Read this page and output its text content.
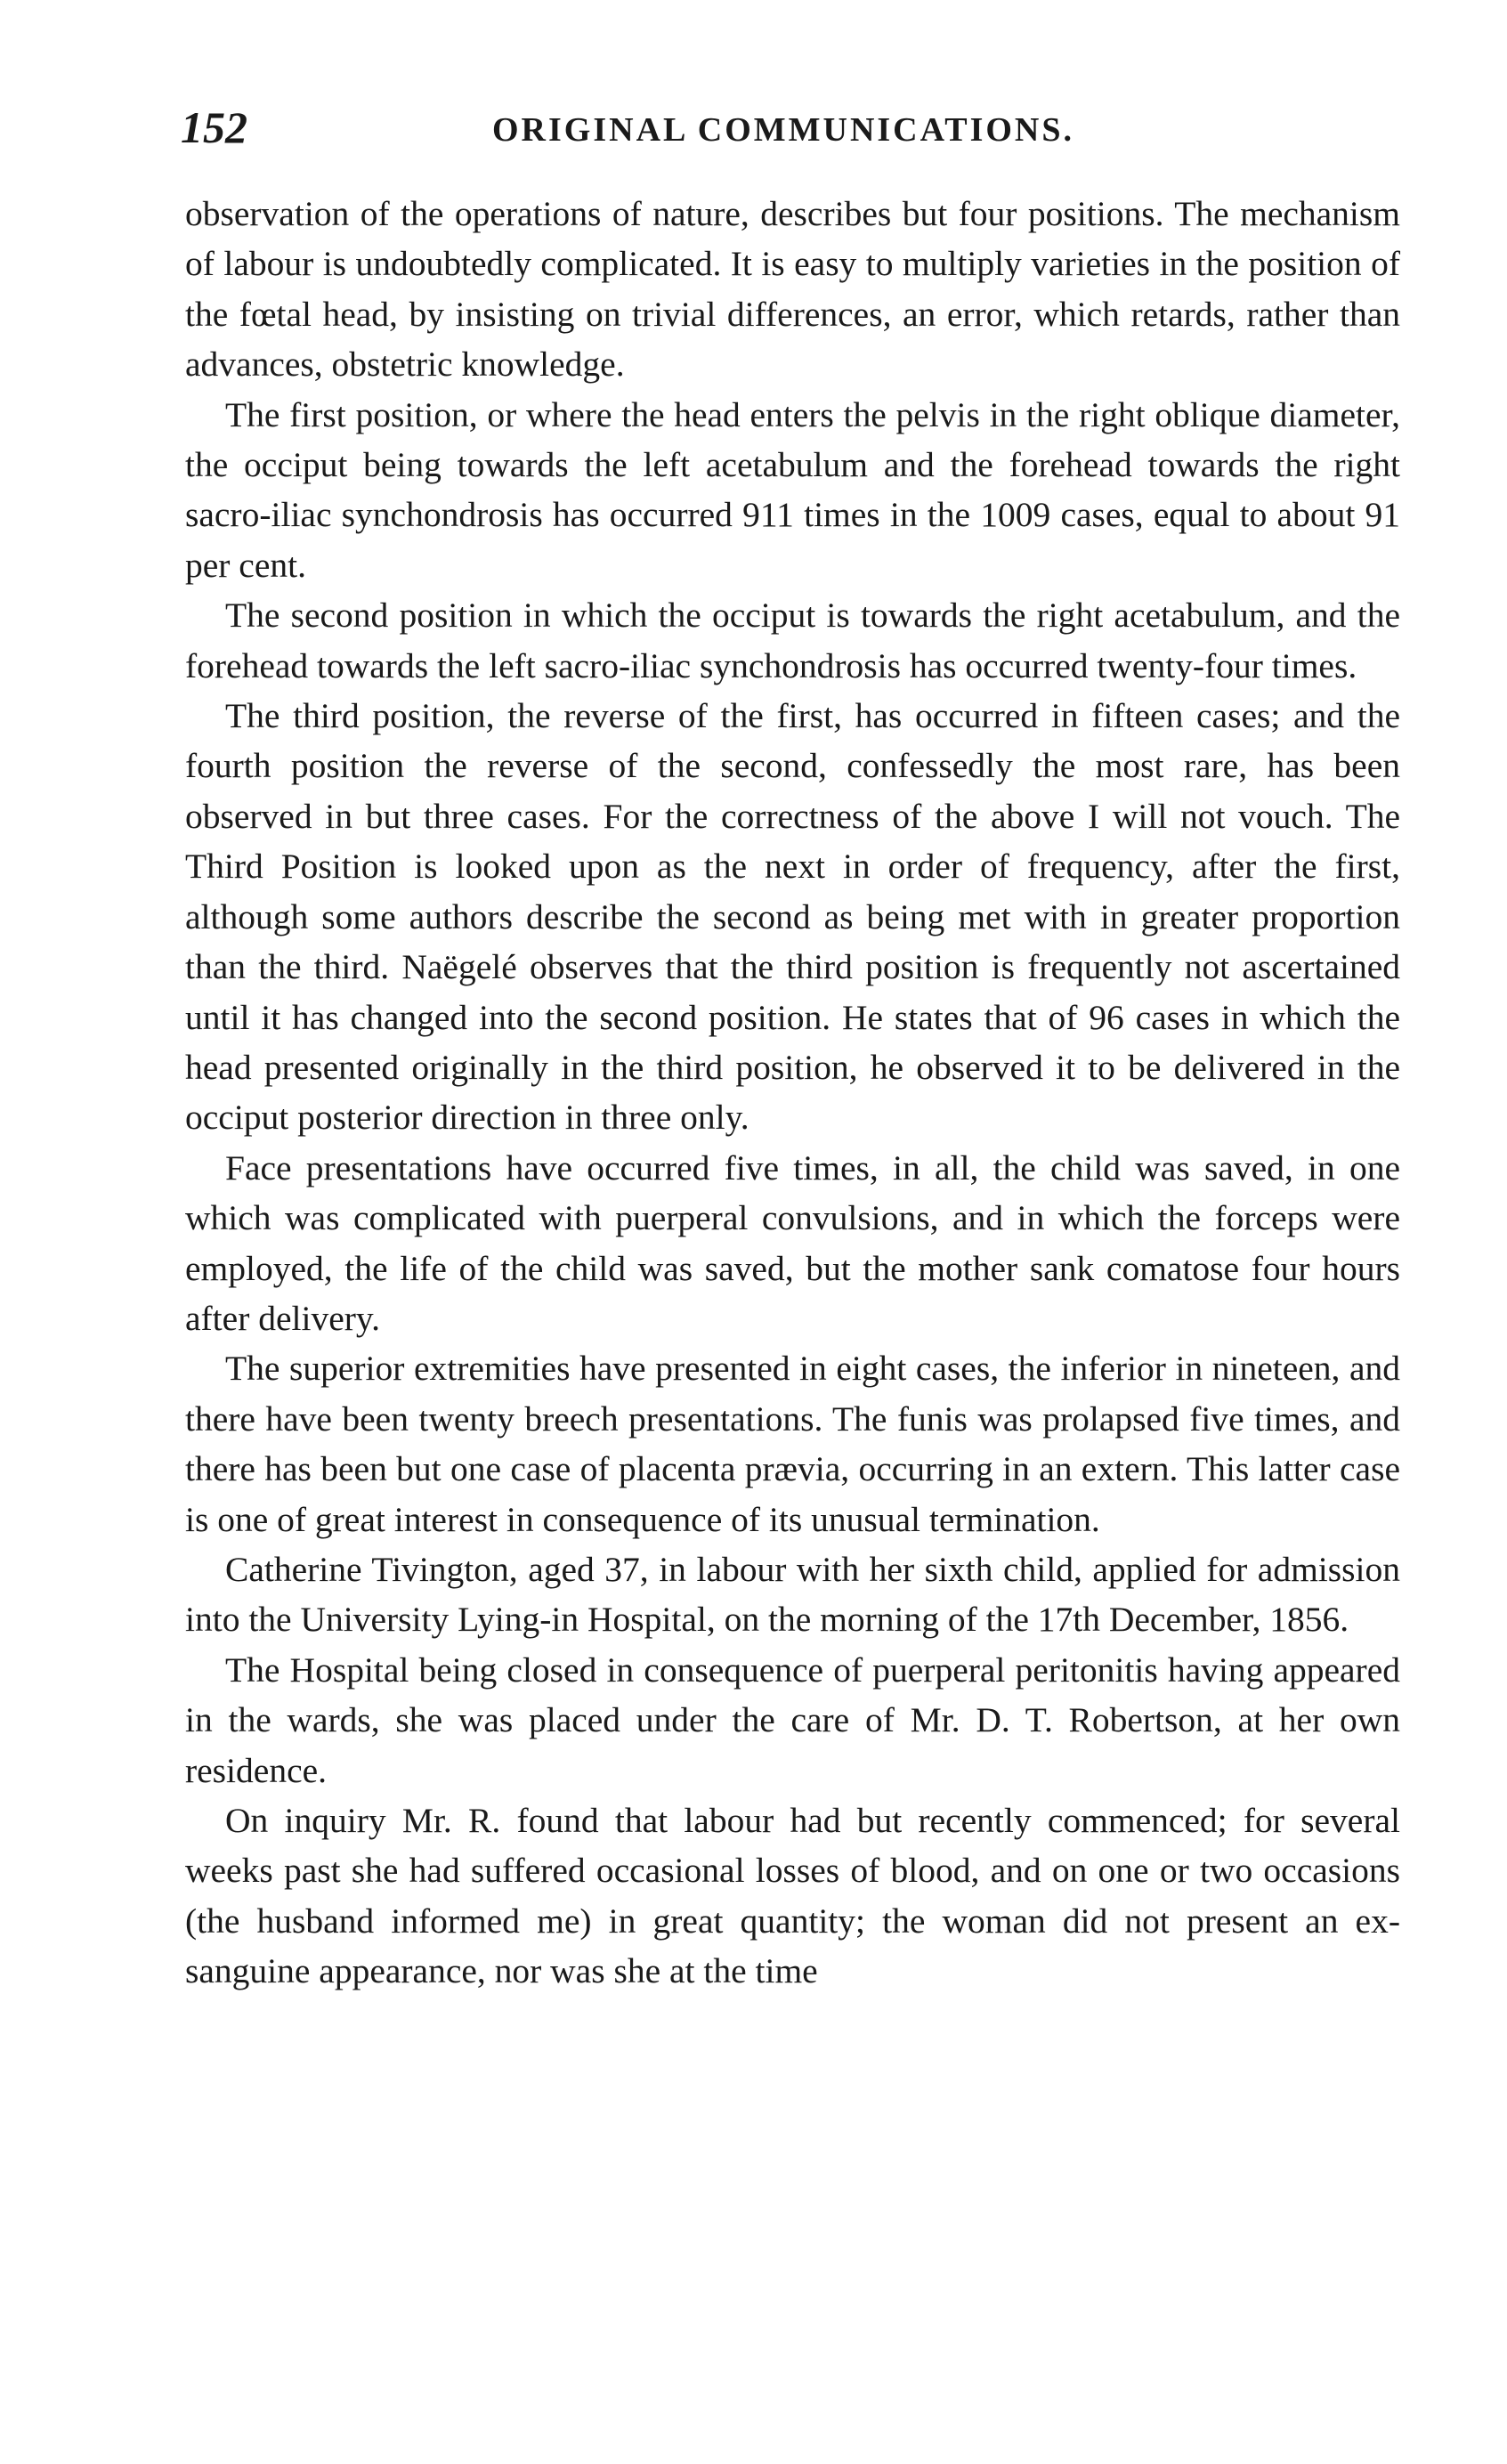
152	ORIGINAL COMMUNICATIONS.

observation of the operations of nature, describes but four positions. The mechanism of labour is undoubtedly complicated. It is easy to multiply varieties in the position of the fœtal head, by insisting on trivial differences, an error, which retards, rather than advances, obstetric knowledge.

The first position, or where the head enters the pelvis in the right oblique diameter, the occiput being towards the left acetabulum and the forehead towards the right sacro-iliac synchondrosis has occurred 911 times in the 1009 cases, equal to about 91 per cent.

The second position in which the occiput is towards the right acetabulum, and the forehead towards the left sacro-iliac synchondrosis has occurred twenty-four times.

The third position, the reverse of the first, has occurred in fifteen cases; and the fourth position the reverse of the second, confessedly the most rare, has been observed in but three cases. For the correctness of the above I will not vouch. The Third Position is looked upon as the next in order of frequency, after the first, although some authors describe the second as being met with in greater proportion than the third. Naëgelé observes that the third position is frequently not ascertained until it has changed into the second position. He states that of 96 cases in which the head presented originally in the third position, he observed it to be delivered in the occiput posterior direction in three only.

Face presentations have occurred five times, in all, the child was saved, in one which was complicated with puerperal convulsions, and in which the forceps were employed, the life of the child was saved, but the mother sank comatose four hours after delivery.

The superior extremities have presented in eight cases, the inferior in nineteen, and there have been twenty breech presentations. The funis was prolapsed five times, and there has been but one case of placenta prævia, occurring in an extern. This latter case is one of great interest in consequence of its unusual termination.

Catherine Tivington, aged 37, in labour with her sixth child, applied for admission into the University Lying-in Hospital, on the morning of the 17th December, 1856.

The Hospital being closed in consequence of puerperal peritonitis having appeared in the wards, she was placed under the care of Mr. D. T. Robertson, at her own residence.

On inquiry Mr. R. found that labour had but recently commenced; for several weeks past she had suffered occasional losses of blood, and on one or two occasions (the husband informed me) in great quantity; the woman did not present an ex-sanguine appearance, nor was she at the time
